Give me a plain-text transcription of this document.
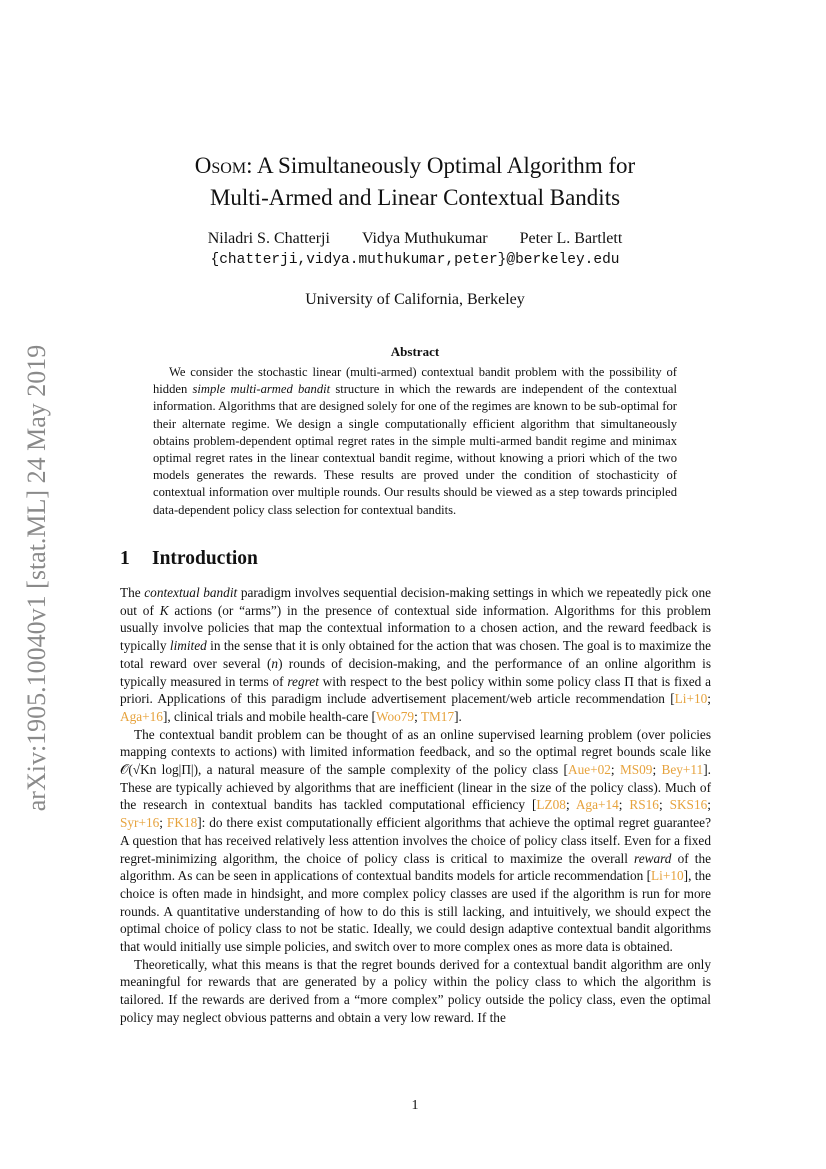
arXiv:1905.10040v1 [stat.ML] 24 May 2019
Osom: A Simultaneously Optimal Algorithm for
Multi-Armed and Linear Contextual Bandits
Niladri S. Chatterji Vidya Muthukumar Peter L. Bartlett
{chatterji,vidya.muthukumar,peter}@berkeley.edu
University of California, Berkeley
Abstract

We consider the stochastic linear (multi-armed) contextual bandit problem with the possibility of hidden simple multi-armed bandit structure in which the rewards are independent of the contextual information. Algorithms that are designed solely for one of the regimes are known to be sub-optimal for their alternate regime. We design a single computationally efficient algorithm that simultaneously obtains problem-dependent optimal regret rates in the simple multi-armed bandit regime and minimax optimal regret rates in the linear contextual bandit regime, without knowing a priori which of the two models generates the rewards. These results are proved under the condition of stochasticity of contextual information over multiple rounds. Our results should be viewed as a step towards principled data-dependent policy class selection for contextual bandits.

1 Introduction

The contextual bandit paradigm involves sequential decision-making settings in which we repeatedly pick one out of K actions (or “arms”) in the presence of contextual side information. Algorithms for this problem usually involve policies that map the contextual information to a chosen action, and the reward feedback is typically limited in the sense that it is only obtained for the action that was chosen. The goal is to maximize the total reward over several (n) rounds of decision-making, and the performance of an online algorithm is typically measured in terms of regret with respect to the best policy within some policy class Π that is fixed a priori. Applications of this paradigm include advertisement placement/web article recommendation [Li+10; Aga+16], clinical trials and mobile health-care [Woo79; TM17].

The contextual bandit problem can be thought of as an online supervised learning problem (over policies mapping contexts to actions) with limited information feedback, and so the optimal regret bounds scale like 𝒪(√Kn log|Π|), a natural measure of the sample complexity of the policy class [Aue+02; MS09; Bey+11]. These are typically achieved by algorithms that are inefficient (linear in the size of the policy class). Much of the research in contextual bandits has tackled computational efficiency [LZ08; Aga+14; RS16; SKS16; Syr+16; FK18]: do there exist computationally efficient algorithms that achieve the optimal regret guarantee? A question that has received relatively less attention involves the choice of policy class itself. Even for a fixed regret-minimizing algorithm, the choice of policy class is critical to maximize the overall reward of the algorithm. As can be seen in applications of contextual bandits models for article recommendation [Li+10], the choice is often made in hindsight, and more complex policy classes are used if the algorithm is run for more rounds. A quantitative understanding of how to do this is still lacking, and intuitively, we should expect the optimal choice of policy class to not be static. Ideally, we could design adaptive contextual bandit algorithms that would initially use simple policies, and switch over to more complex ones as more data is obtained.

Theoretically, what this means is that the regret bounds derived for a contextual bandit algorithm are only meaningful for rewards that are generated by a policy within the policy class to which the algorithm is tailored. If the rewards are derived from a “more complex” policy outside the policy class, even the optimal policy may neglect obvious patterns and obtain a very low reward. If the

1
